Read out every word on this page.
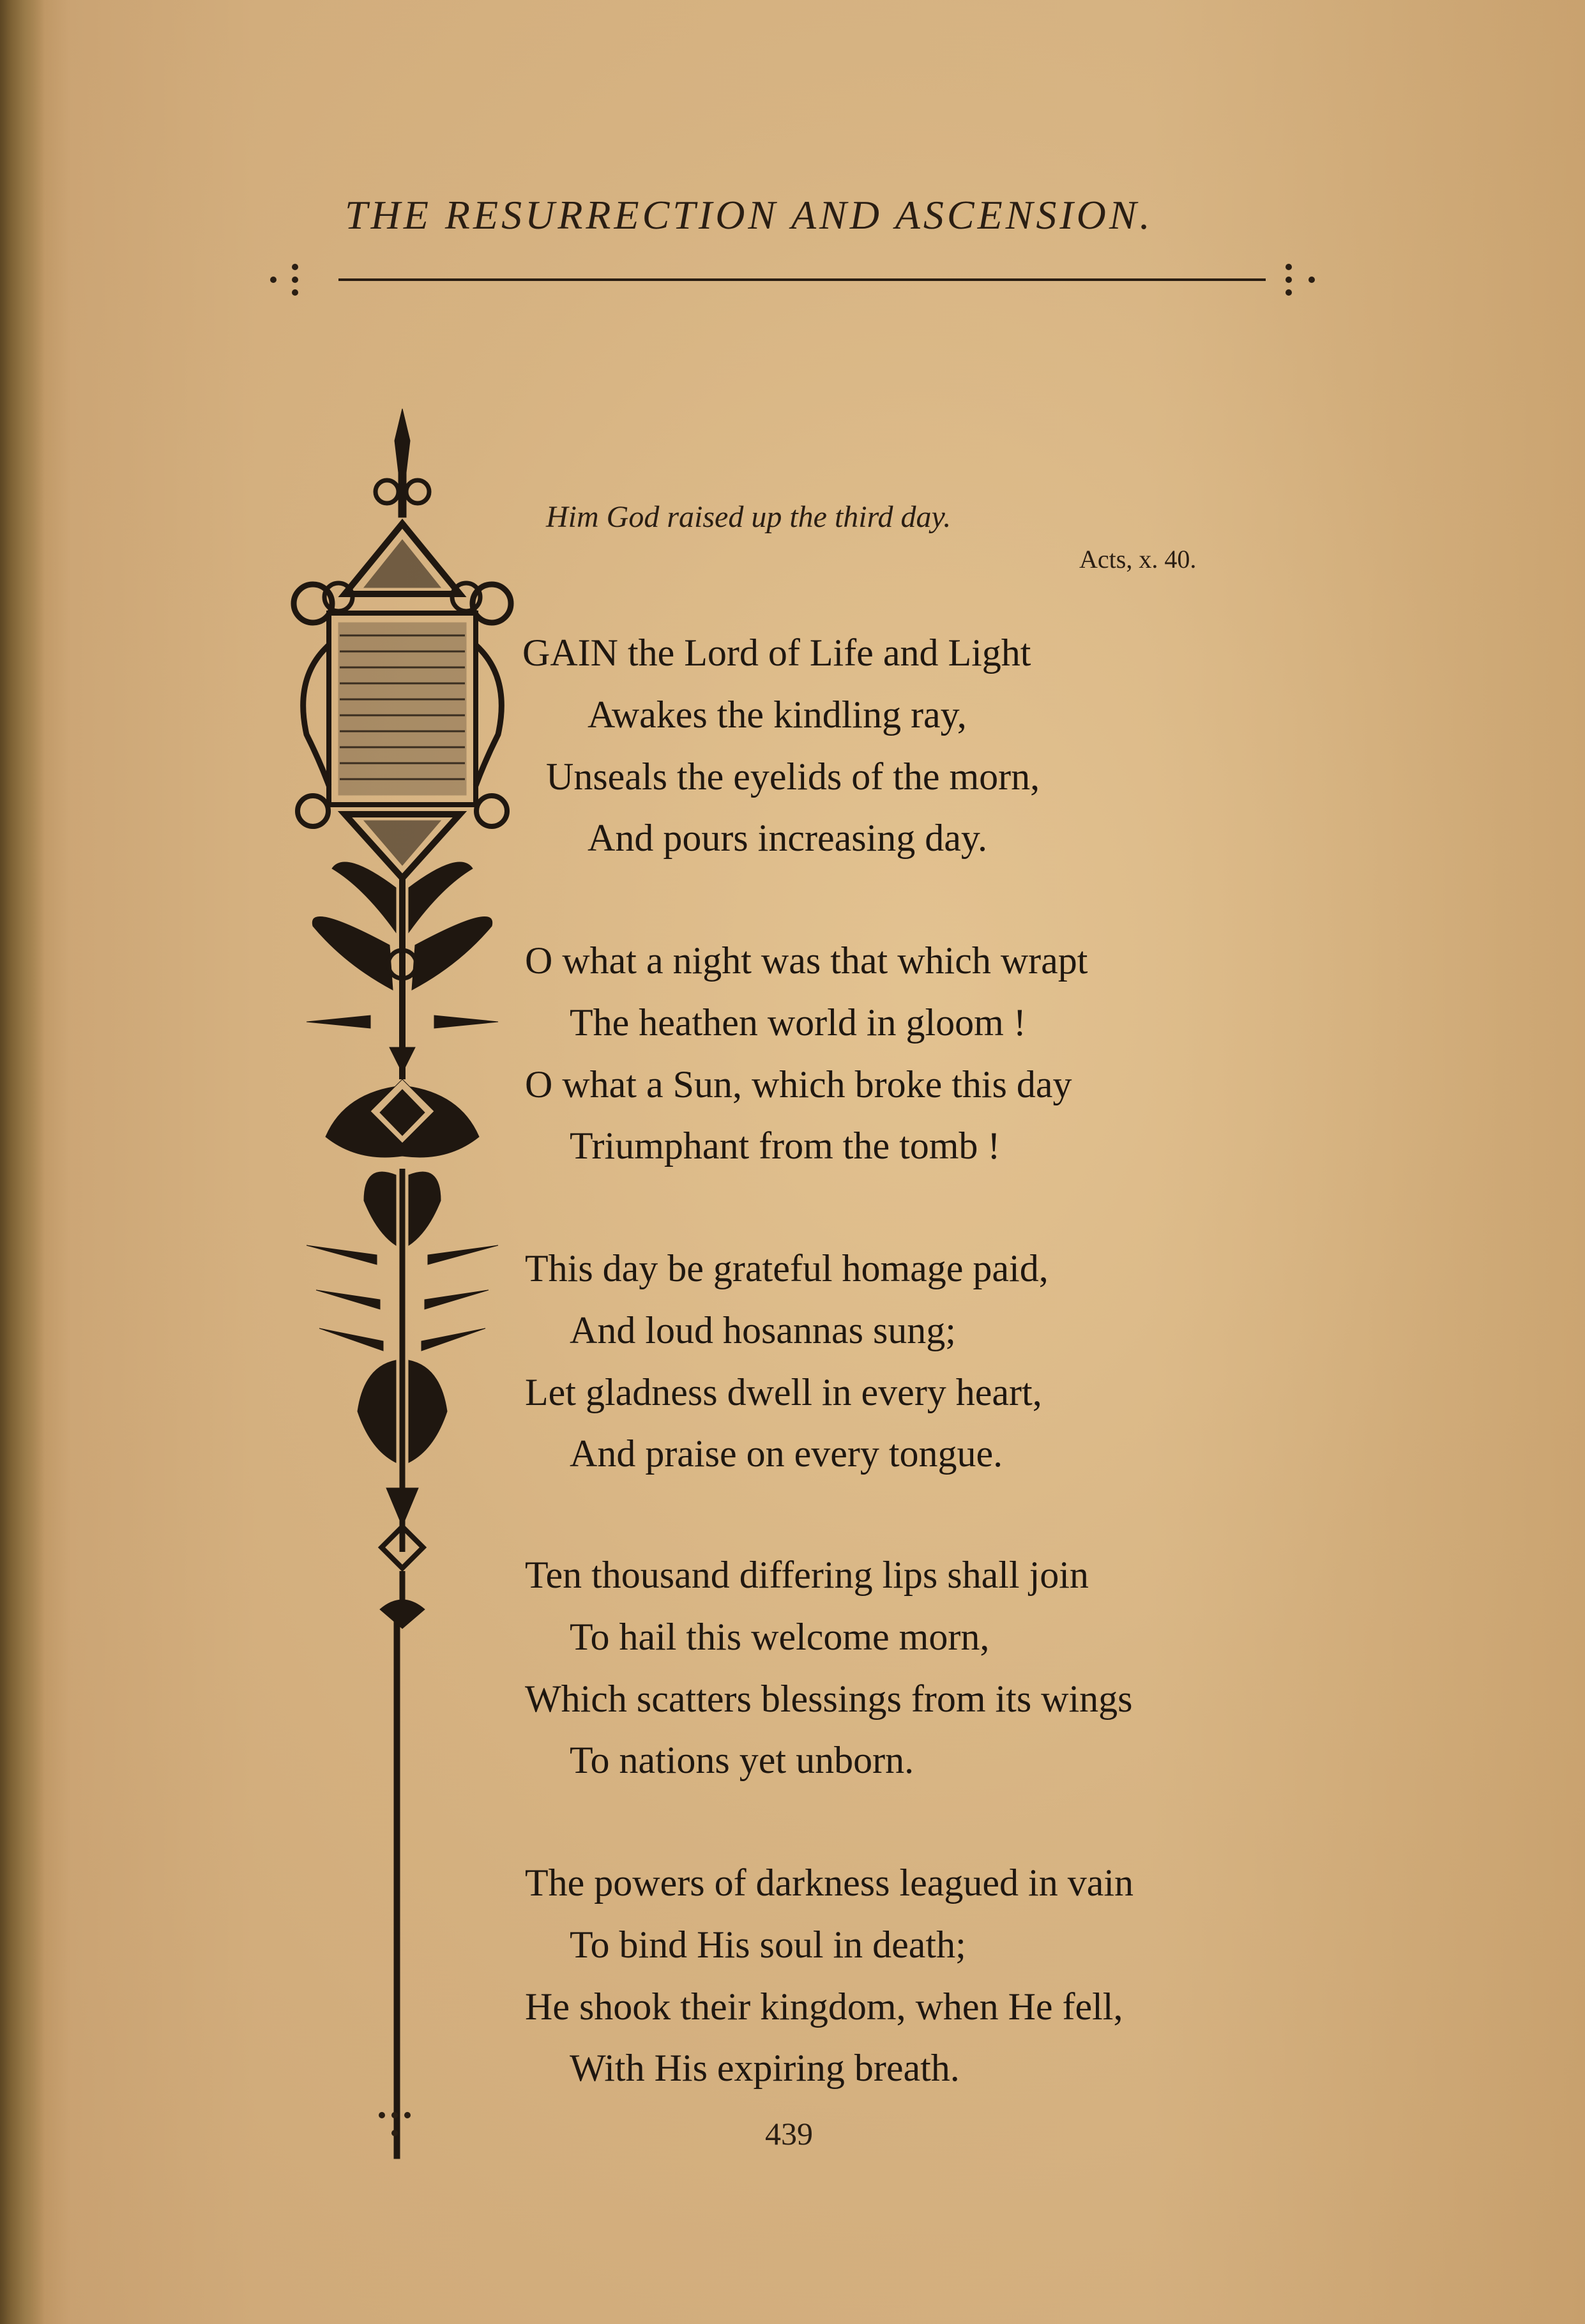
THE RESURRECTION AND ASCENSION.
Him God raised up the third day.
Acts, x. 40.
GAIN the Lord of Life and Light
Awakes the kindling ray,
Unseals the eyelids of the morn,
And pours increasing day.
O what a night was that which wrapt
The heathen world in gloom !
O what a Sun, which broke this day
Triumphant from the tomb !
This day be grateful homage paid,
And loud hosannas sung;
Let gladness dwell in every heart,
And praise on every tongue.
Ten thousand differing lips shall join
To hail this welcome morn,
Which scatters blessings from its wings
To nations yet unborn.
The powers of darkness leagued in vain
To bind His soul in death;
He shook their kingdom, when He fell,
With His expiring breath.
439
